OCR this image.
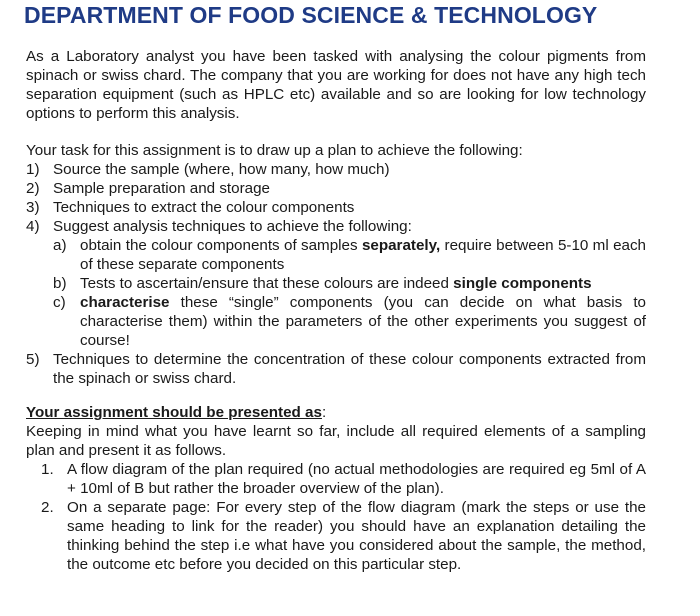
DEPARTMENT OF FOOD SCIENCE & TECHNOLOGY
As a Laboratory analyst you have been tasked with analysing the colour pigments from spinach or swiss chard. The company that you are working for does not have any high tech separation equipment (such as HPLC etc) available and so are looking for low technology options to perform this analysis.
Your task for this assignment is to draw up a plan to achieve the following:
1) Source the sample (where, how many, how much)
2) Sample preparation and storage
3) Techniques to extract the colour components
4) Suggest analysis techniques to achieve the following:
a) obtain the colour components of samples separately, require between 5-10 ml each of these separate components
b) Tests to ascertain/ensure that these colours are indeed single components
c) characterise these “single” components (you can decide on what basis to characterise them) within the parameters of the other experiments you suggest of course!
5) Techniques to determine the concentration of these colour components extracted from the spinach or swiss chard.
Your assignment should be presented as:
Keeping in mind what you have learnt so far, include all required elements of a sampling plan and present it as follows.
1. A flow diagram of the plan required (no actual methodologies are required eg 5ml of A + 10ml of B but rather the broader overview of the plan).
2. On a separate page: For every step of the flow diagram (mark the steps or use the same heading to link for the reader) you should have an explanation detailing the thinking behind the step i.e what have you considered about the sample, the method, the outcome etc before you decided on this particular step.
